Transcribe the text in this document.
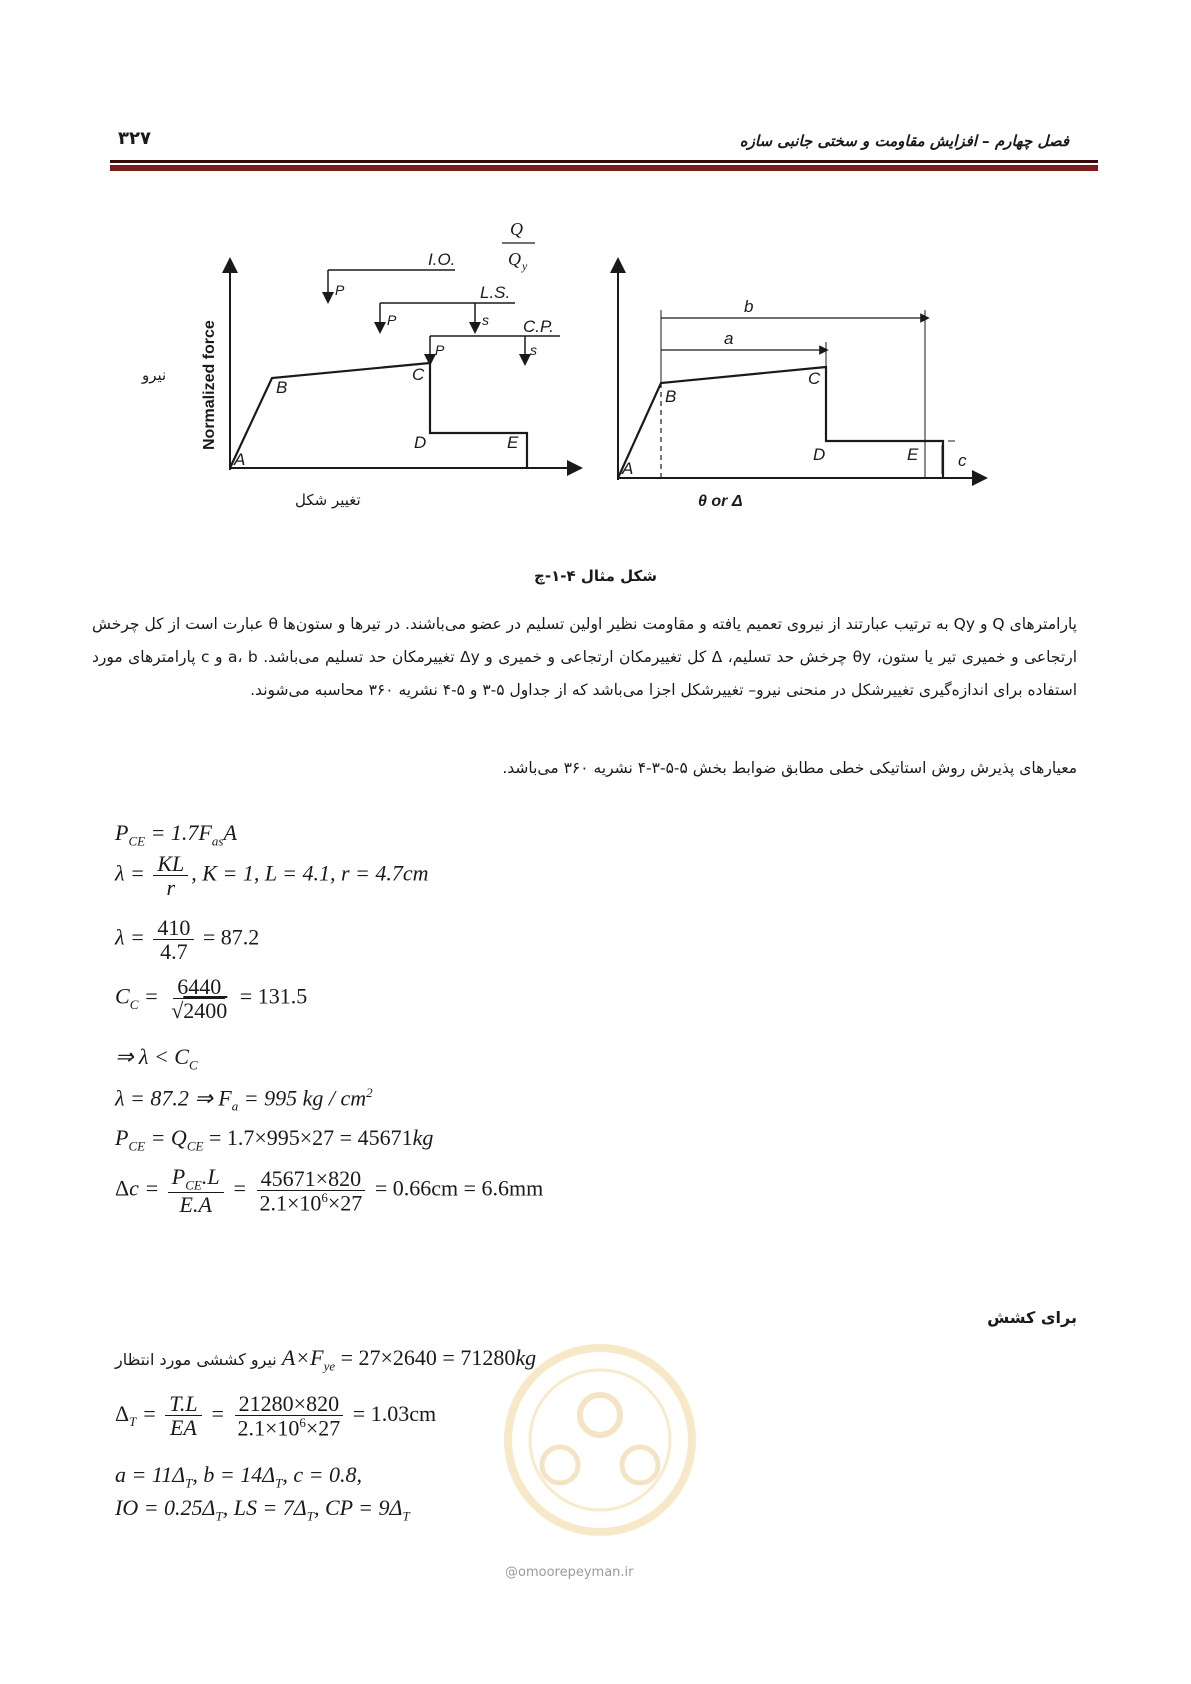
فصل چهارم – افزایش مقاومت و سختی جانبی سازه
۳۲۷
Normalized force
نیرو
تغییر شکل
Q
Q y
A
B
C
D	E
I.O.
L.S.
C.P.
P
P	s
P	s
A
B
C
D	E
b
a
c
θ or Δ
شکل مثال ۴-۱-چ
پارامترهای Q و Qy به ترتیب عبارتند از نیروی تعمیم یافته و مقاومت نظیر اولین تسلیم در عضو می‌باشند. در تیرها و ستون‌ها θ عبارت است از کل چرخش ارتجاعی و خمیری تیر یا ستون، θy چرخش حد تسلیم، Δ کل تغییرمکان ارتجاعی و خمیری و Δy تغییرمکان حد تسلیم می‌باشد. a، b و c پارامترهای مورد استفاده برای اندازه‌گیری تغییرشکل در منحنی نیرو– تغییرشکل اجزا می‌باشد که از جداول ۵-۳ و ۵-۴ نشریه ۳۶۰ محاسبه می‌شوند.
معیارهای پذیرش روش استاتیکی خطی مطابق ضوابط بخش ۵-۵-۳-۴ نشریه ۳۶۰ می‌باشد.
$P_{CE} = 1.7F_{as}A$
$\lambda = \frac{KL}{r}$ , K = 1, L = 4.1, r = 4.7cm
$\lambda = \frac{410}{4.7} = 87.2$
$C_C = \frac{6440}{√2400} = 131.5$
⇒ $\lambda < C_C$
λ = 87.2 ⇒ $F_a = 995$ kg / $cm^2$
$P_{CE} = Q_{CE} = 1.7\times 995\times 27 = 45671kg$
$\Delta c = \frac{P_{CE}.L}{E.A} = \frac{45671\times 820}{2.1\times 10^6\times 27} = 0.66cm = 6.6mm$
برای کشش
$A\times F_{ye} = 27\times 2640 = 71280kg$ نیرو کششی مورد انتظار
$\Delta_T = \frac{T.L}{EA} = \frac{21280\times 820}{2.1\times 10^6\times 27} = 1.03cm$
$a = 11\Delta_T$, $b = 14\Delta_T$, c = 0.8,
IO = $0.25\Delta_T$, LS = $7\Delta_T$, CP = $9\Delta_T$
@omoorepeyman.ir
